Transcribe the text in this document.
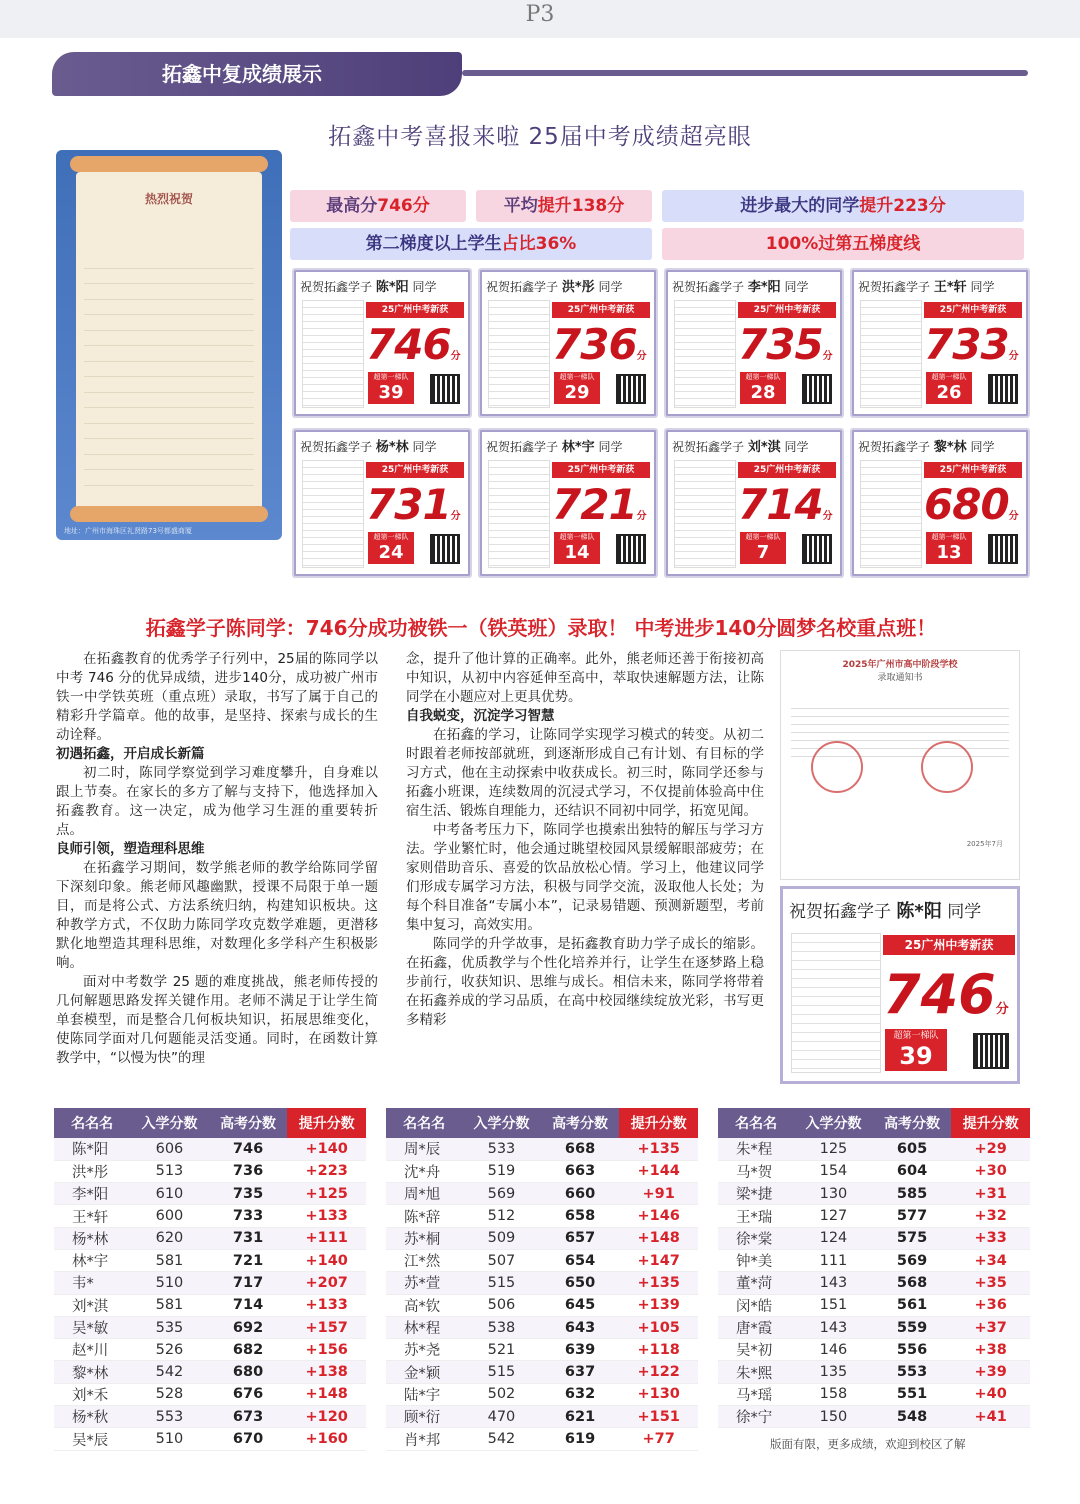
P3
拓鑫中复成绩展示
拓鑫中考喜报来啦 25届中考成绩超亮眼
热烈祝贺
地址：广州市海珠区礼贤路73号都盛商厦
最高分746分	平均提升138分	进步最大的同学提升223分
第二梯度以上学生占比36%	100%过第五梯度线
祝贺拓鑫学子 陈*阳 同学
25广州中考新获
746分
超第一梯队
39
祝贺拓鑫学子 洪*彤 同学
25广州中考新获
736分
超第一梯队
29
祝贺拓鑫学子 李*阳 同学
25广州中考新获
735分
超第一梯队
28
祝贺拓鑫学子 王*轩 同学
25广州中考新获
733分
超第一梯队
26
祝贺拓鑫学子 杨*林 同学
25广州中考新获
731分
超第一梯队
24
祝贺拓鑫学子 林*宇 同学
25广州中考新获
721分
超第一梯队
14
祝贺拓鑫学子 刘*淇 同学
25广州中考新获
714分
超第一梯队
7
祝贺拓鑫学子 黎*林 同学
25广州中考新获
680分
超第一梯队
13
拓鑫学子陈同学：746分成功被铁一（铁英班）录取！ 中考进步140分圆梦名校重点班！

在拓鑫教育的优秀学子行列中，25届的陈同学以中考 746 分的优异成绩，进步140分，成功被广州市铁一中学铁英班（重点班）录取，书写了属于自己的精彩升学篇章。他的故事，是坚持、探索与成长的生动诠释。

初遇拓鑫，开启成长新篇

初二时，陈同学察觉到学习难度攀升，自身难以跟上节奏。在家长的多方了解与支持下，他选择加入拓鑫教育。这一决定，成为他学习生涯的重要转折点。

良师引领，塑造理科思维

在拓鑫学习期间，数学熊老师的教学给陈同学留下深刻印象。熊老师风趣幽默，授课不局限于单一题目，而是将公式、方法系统归纳，构建知识板块。这种教学方式，不仅助力陈同学攻克数学难题，更潜移默化地塑造其理科思维，对数理化多学科产生积极影响。

面对中考数学 25 题的难度挑战，熊老师传授的几何解题思路发挥关键作用。老师不满足于让学生简单套模型，而是整合几何板块知识，拓展思维变化，使陈同学面对几何题能灵活变通。同时，在函数计算教学中，“以慢为快”的理

念，提升了他计算的正确率。此外，熊老师还善于衔接初高中知识，从初中内容延伸至高中，萃取快速解题方法，让陈同学在小题应对上更具优势。

自我蜕变，沉淀学习智慧

在拓鑫的学习，让陈同学实现学习模式的转变。从初二时跟着老师按部就班，到逐渐形成自己有计划、有目标的学习方式，他在主动探索中收获成长。初三时，陈同学还参与拓鑫小班课，连续数周的沉浸式学习，不仅提前体验高中住宿生活、锻炼自理能力，还结识不同初中同学，拓宽见闻。

中考备考压力下，陈同学也摸索出独特的解压与学习方法。学业繁忙时，他会通过眺望校园风景缓解眼部疲劳；在家则借助音乐、喜爱的饮品放松心情。学习上，他建议同学们形成专属学习方法，积极与同学交流，汲取他人长处；为每个科目准备“专属小本”，记录易错题、预测新题型，考前集中复习，高效实用。

陈同学的升学故事，是拓鑫教育助力学子成长的缩影。在拓鑫，优质教学与个性化培养并行，让学生在逐梦路上稳步前行，收获知识、思维与成长。相信未来，陈同学将带着在拓鑫养成的学习品质，在高中校园继续绽放光彩，书写更多精彩

2025年广州市高中阶段学校
录取通知书
2025年7月
祝贺拓鑫学子 陈*阳 同学
25广州中考新获
746分
超第一梯队
39
名名名	入学分数	高考分数	提升分数
陈*阳	606	746	+140
洪*彤	513	736	+223
李*阳	610	735	+125
王*轩	600	733	+133
杨*林	620	731	+111
林*宇	581	721	+140
韦*	510	717	+207
刘*淇	581	714	+133
吴*敏	535	692	+157
赵*川	526	682	+156
黎*林	542	680	+138
刘*禾	528	676	+148
杨*秋	553	673	+120
吴*辰	510	670	+160
名名名	入学分数	高考分数	提升分数
周*辰	533	668	+135
沈*舟	519	663	+144
周*旭	569	660	+91
陈*辞	512	658	+146
苏*桐	509	657	+148
江*然	507	654	+147
苏*萱	515	650	+135
高*钦	506	645	+139
林*程	538	643	+105
苏*尧	521	639	+118
金*颖	515	637	+122
陆*宇	502	632	+130
顾*衍	470	621	+151
肖*邦	542	619	+77
名名名	入学分数	高考分数	提升分数
朱*程	125	605	+29
马*贺	154	604	+30
梁*捷	130	585	+31
王*瑞	127	577	+32
徐*棠	124	575	+33
钟*美	111	569	+34
董*菏	143	568	+35
闵*皓	151	561	+36
唐*霞	143	559	+37
吴*初	146	556	+38
朱*熙	135	553	+39
马*瑶	158	551	+40
徐*宁	150	548	+41
版面有限，更多成绩，欢迎到校区了解
